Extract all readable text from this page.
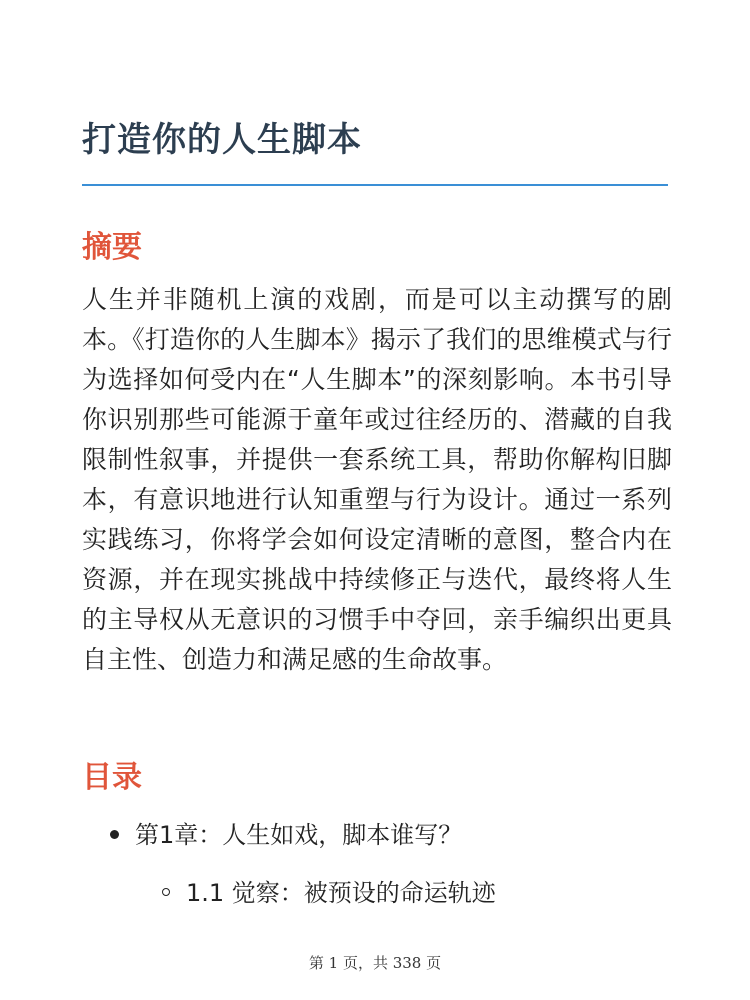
打造你的人生脚本
摘要

人生并非随机上演的戏剧，而是可以主动撰写的剧本。《打造你的人生脚本》揭示了我们的思维模式与行为选择如何受内在“人生脚本”的深刻影响。本书引导你识别那些可能源于童年或过往经历的、潜藏的自我限制性叙事，并提供一套系统工具，帮助你解构旧脚本，有意识地进行认知重塑与行为设计。通过一系列实践练习，你将学会如何设定清晰的意图，整合内在资源，并在现实挑战中持续修正与迭代，最终将人生的主导权从无意识的习惯手中夺回，亲手编织出更具自主性、创造力和满足感的生命故事。

目录
第1章：人生如戏，脚本谁写？
1.1 觉察：被预设的命运轨迹
第 1 页，共 338 页
